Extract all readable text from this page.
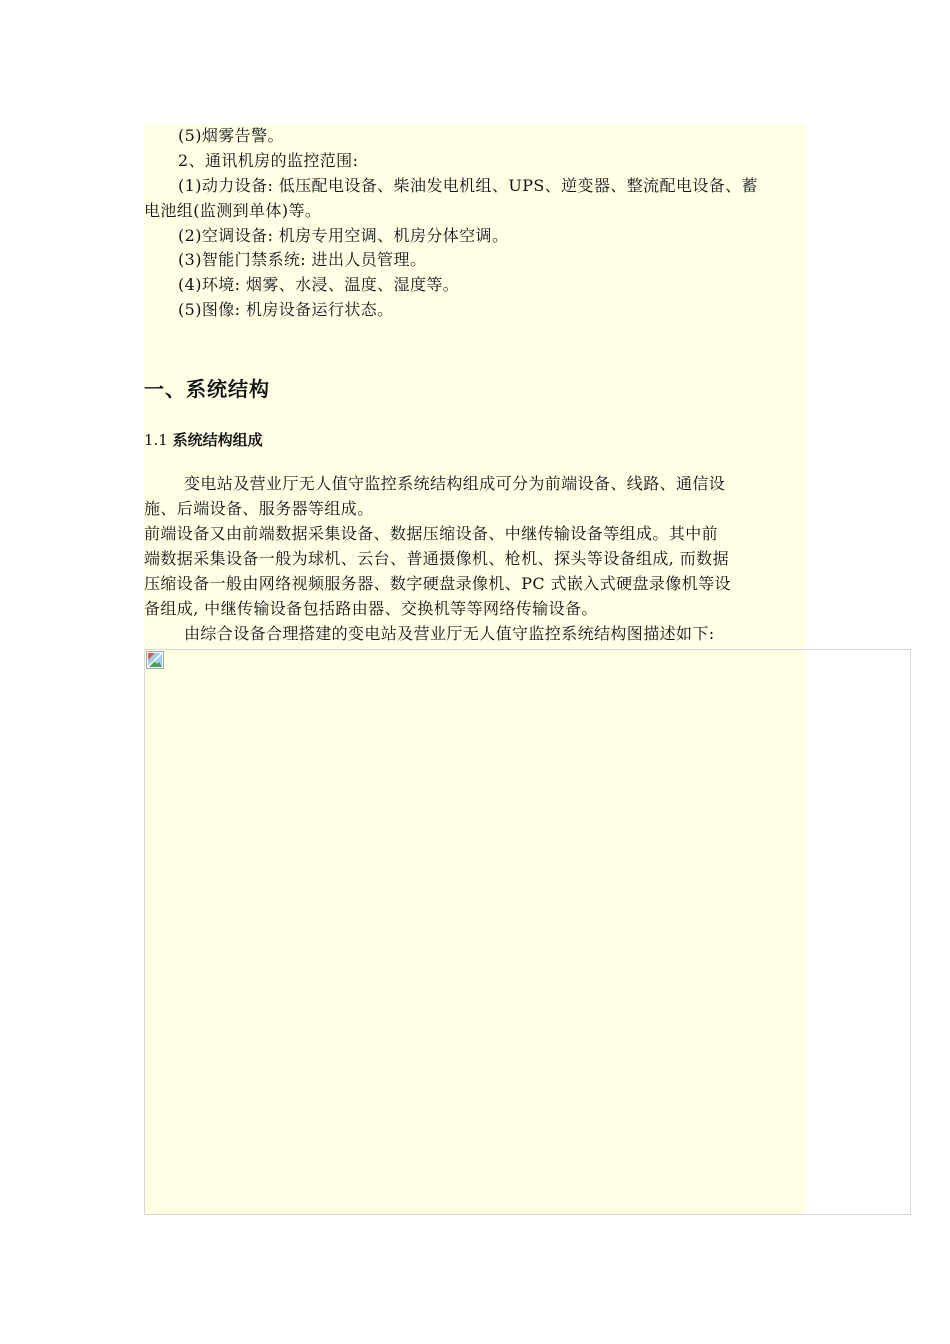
(5)烟雾告警。
2、通讯机房的监控范围:
(1)动力设备: 低压配电设备、柴油发电机组、UPS、逆变器、整流配电设备、蓄
电池组(监测到单体)等。
(2)空调设备: 机房专用空调、机房分体空调。
(3)智能门禁系统: 进出人员管理。
(4)环境: 烟雾、水浸、温度、湿度等。
(5)图像: 机房设备运行状态。
一、系统结构
1.1 系统结构组成
变电站及营业厅无人值守监控系统结构组成可分为前端设备、线路、通信设
施、后端设备、服务器等组成。
前端设备又由前端数据采集设备、数据压缩设备、中继传输设备等组成。其中前
端数据采集设备一般为球机、云台、普通摄像机、枪机、探头等设备组成, 而数据
压缩设备一般由网络视频服务器、数字硬盘录像机、PC 式嵌入式硬盘录像机等设
备组成, 中继传输设备包括路由器、交换机等等网络传输设备。
由综合设备合理搭建的变电站及营业厅无人值守监控系统结构图描述如下:
